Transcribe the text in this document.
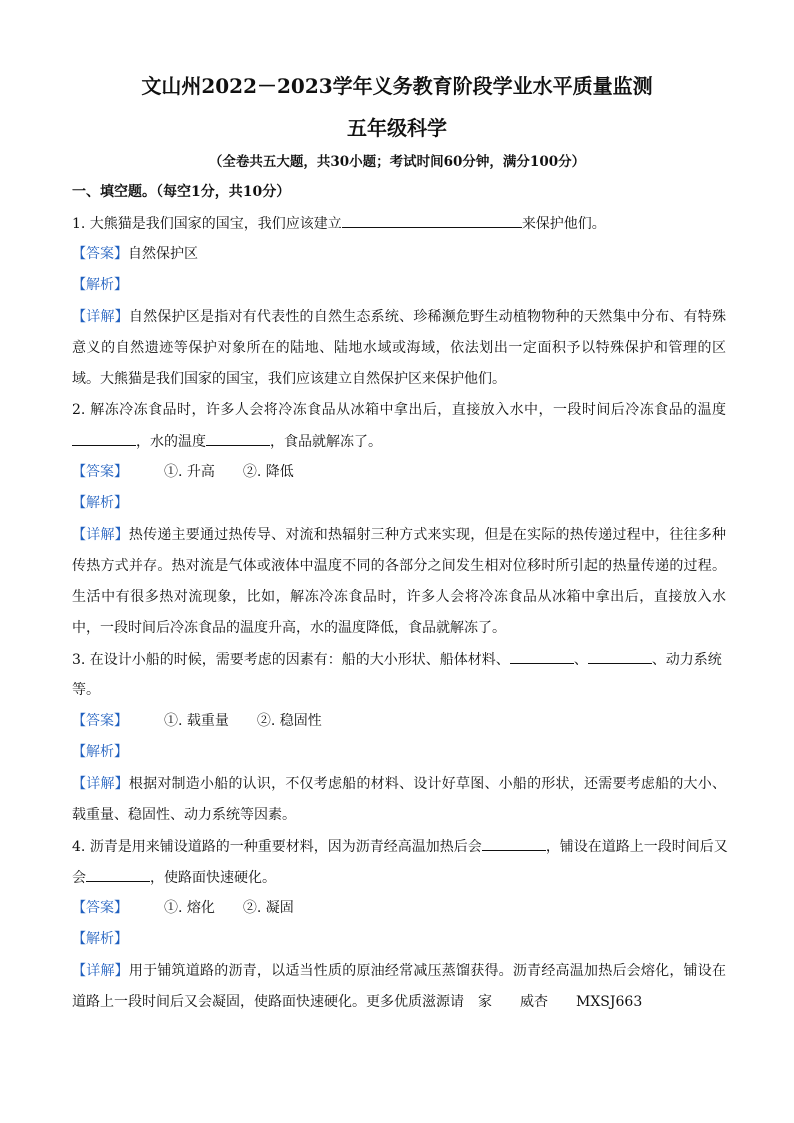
文山州2022－2023学年义务教育阶段学业水平质量监测
五年级科学
（全卷共五大题，共30小题；考试时间60分钟，满分100分）
一、填空题。（每空1分，共10分）
1. 大熊猫是我们国家的国宝，我们应该建立	来保护他们。
【答案】自然保护区
【解析】
【详解】自然保护区是指对有代表性的自然生态系统、珍稀濒危野生动植物物种的天然集中分布、有特殊
意义的自然遗迹等保护对象所在的陆地、陆地水域或海域，依法划出一定面积予以特殊保护和管理的区
域。大熊猫是我们国家的国宝，我们应该建立自然保护区来保护他们。
2. 解冻冷冻食品时，许多人会将冷冻食品从冰箱中拿出后，直接放入水中，一段时间后冷冻食品的温度
，水的温度	，食品就解冻了。
【答案】	①. 升高 ②. 降低
【解析】
【详解】热传递主要通过热传导、对流和热辐射三种方式来实现，但是在实际的热传递过程中，往往多种
传热方式并存。热对流是气体或液体中温度不同的各部分之间发生相对位移时所引起的热量传递的过程。
生活中有很多热对流现象，比如，解冻冷冻食品时，许多人会将冷冻食品从冰箱中拿出后，直接放入水
中，一段时间后冷冻食品的温度升高，水的温度降低，食品就解冻了。
3. 在设计小船的时候，需要考虑的因素有：船的大小形状、船体材料、	、	、动力系统
等。
【答案】	①. 载重量 ②. 稳固性
【解析】
【详解】根据对制造小船的认识，不仅考虑船的材料、设计好草图、小船的形状，还需要考虑船的大小、
载重量、稳固性、动力系统等因素。
4. 沥青是用来铺设道路的一种重要材料，因为沥青经高温加热后会	，铺设在道路上一段时间后又
会	，使路面快速硬化。
【答案】	①. 熔化 ②. 凝固
【解析】
【详解】用于铺筑道路的沥青，以适当性质的原油经常减压蒸馏获得。沥青经高温加热后会熔化，铺设在
道路上一段时间后又会凝固，使路面快速硬化。更多优质滋源请　家　　威杏　　MXSJ663
